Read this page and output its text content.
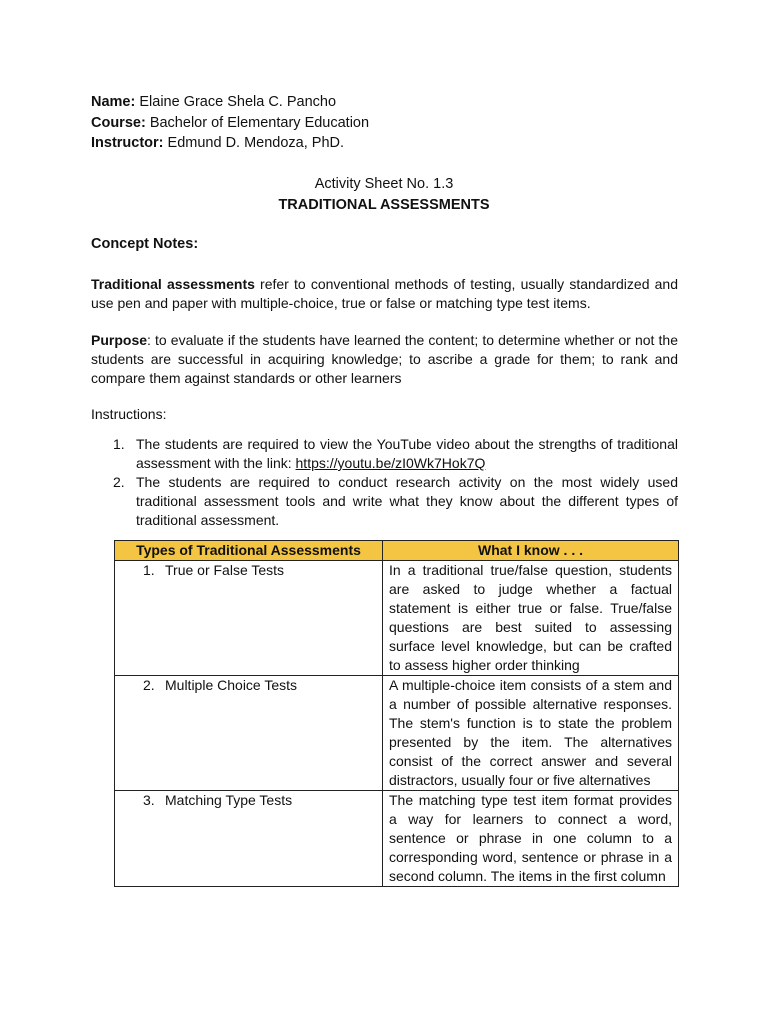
Name: Elaine Grace Shela C. Pancho
Course: Bachelor of Elementary Education
Instructor: Edmund D. Mendoza, PhD.
Activity Sheet No. 1.3
TRADITIONAL ASSESSMENTS
Concept Notes:
Traditional assessments refer to conventional methods of testing, usually standardized and use pen and paper with multiple-choice, true or false or matching type test items.
Purpose: to evaluate if the students have learned the content; to determine whether or not the students are successful in acquiring knowledge; to ascribe a grade for them; to rank and compare them against standards or other learners
Instructions:
1. The students are required to view the YouTube video about the strengths of traditional assessment with the link: https://youtu.be/zI0Wk7Hok7Q
2. The students are required to conduct research activity on the most widely used traditional assessment tools and write what they know about the different types of traditional assessment.
Types of Traditional Assessments	What I know . . .
1. True or False Tests	In a traditional true/false question, students are asked to judge whether a factual statement is either true or false. True/false questions are best suited to assessing surface level knowledge, but can be crafted to assess higher order thinking
2. Multiple Choice Tests	A multiple-choice item consists of a stem and a number of possible alternative responses. The stem's function is to state the problem presented by the item. The alternatives consist of the correct answer and several distractors, usually four or five alternatives
3. Matching Type Tests	The matching type test item format provides a way for learners to connect a word, sentence or phrase in one column to a corresponding word, sentence or phrase in a second column. The items in the first column
